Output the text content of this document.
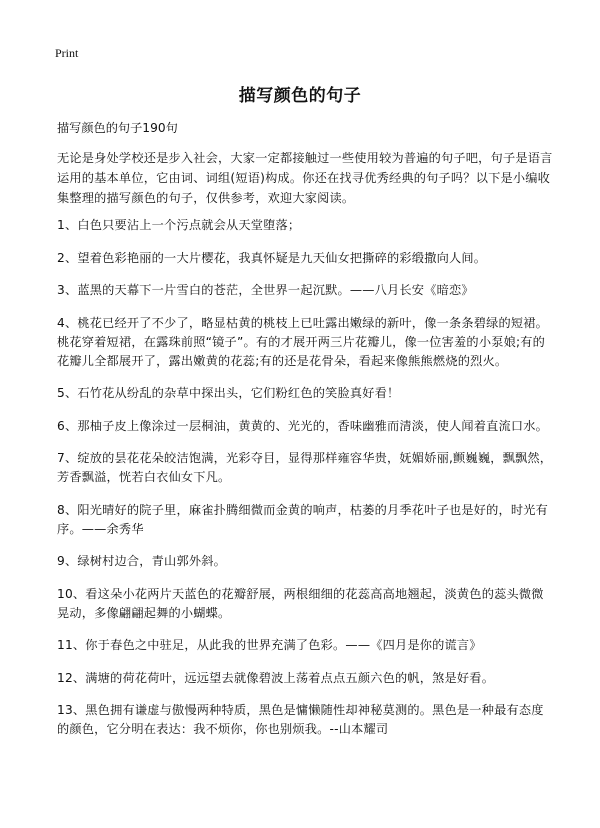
Print
描写颜色的句子

描写颜色的句子190句

无论是身处学校还是步入社会，大家一定都接触过一些使用较为普遍的句子吧，句子是语言运用的基本单位，它由词、词组(短语)构成。你还在找寻优秀经典的句子吗？以下是小编收集整理的描写颜色的句子，仅供参考，欢迎大家阅读。

1、白色只要沾上一个污点就会从天堂堕落；
2、望着色彩艳丽的一大片樱花，我真怀疑是九天仙女把撕碎的彩缎撒向人间。
3、蓝黑的天幕下一片雪白的苍茫，全世界一起沉默。——八月长安《暗恋》
4、桃花已经开了不少了，略显枯黄的桃枝上已吐露出嫩绿的新叶，像一条条碧绿的短裙。桃花穿着短裙，在露珠前照“镜子”。有的才展开两三片花瓣儿，像一位害羞的小泵娘;有的花瓣儿全都展开了，露出嫩黄的花蕊;有的还是花骨朵，看起来像熊熊燃烧的烈火。
5、石竹花从纷乱的杂草中探出头，它们粉红色的笑脸真好看！
6、那柚子皮上像涂过一层桐油，黄黄的、光光的，香味幽雅而清淡，使人闻着直流口水。
7、绽放的昙花花朵皎洁饱满，光彩夺目，显得那样雍容华贵，妩媚娇丽,颤巍巍，飘飘然，芳香飘溢，恍若白衣仙女下凡。
8、阳光晴好的院子里，麻雀扑腾细微而金黄的响声，枯萎的月季花叶子也是好的，时光有序。——余秀华
9、绿树村边合，青山郭外斜。
10、看这朵小花两片天蓝色的花瓣舒展，两根细细的花蕊高高地翘起，淡黄色的蕊头微微晃动，多像翩翩起舞的小蝴蝶。
11、你于春色之中驻足，从此我的世界充满了色彩。——《四月是你的谎言》
12、满塘的荷花荷叶，远远望去就像碧波上荡着点点五颜六色的帆，煞是好看。
13、黑色拥有谦虚与傲慢两种特质，黑色是慵懒随性却神秘莫测的。黑色是一种最有态度的颜色，它分明在表达：我不烦你，你也别烦我。--山本耀司
